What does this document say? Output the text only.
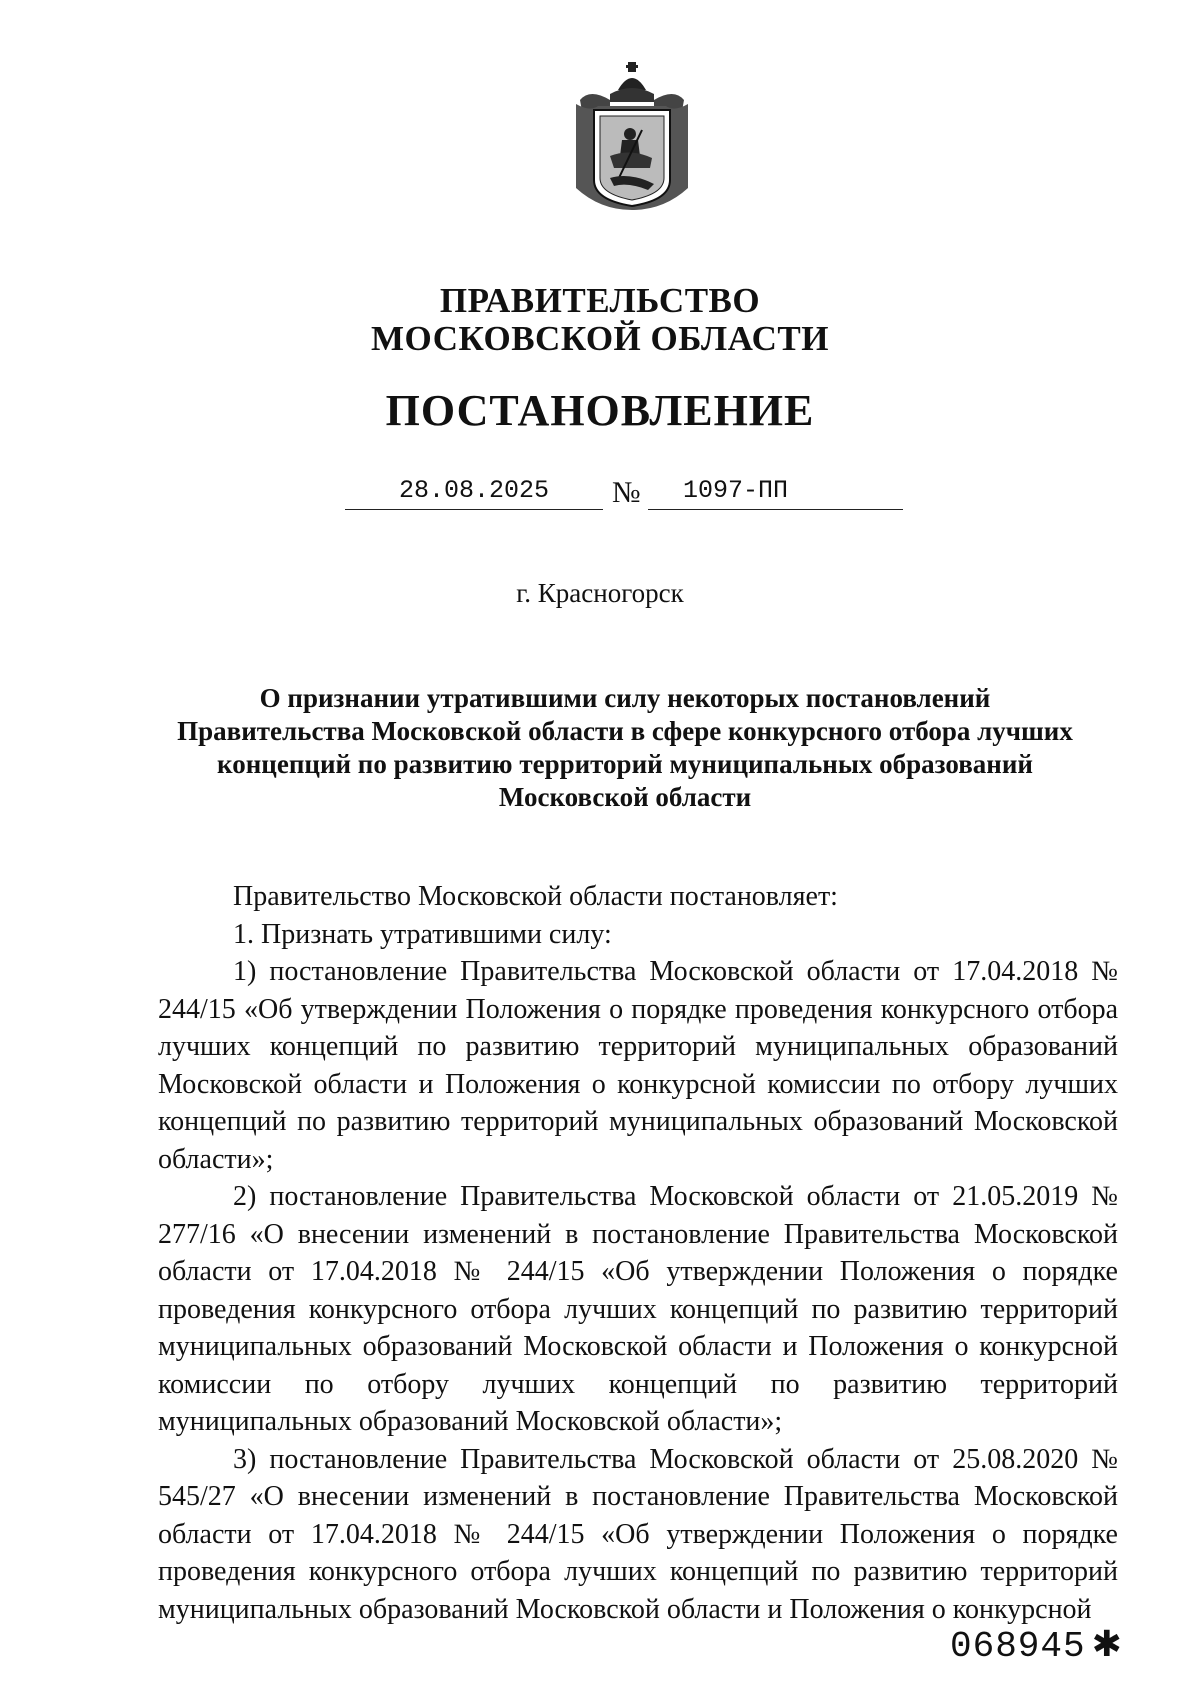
ПРАВИТЕЛЬСТВО
МОСКОВСКОЙ ОБЛАСТИ
ПОСТАНОВЛЕНИЕ
28.08.2025	№	1097-ПП
г. Красногорск
О признании утратившими силу некоторых постановлений
Правительства Московской области в сфере конкурсного отбора лучших
концепций по развитию территорий муниципальных образований
Московской области

Правительство Московской области постановляет:

1. Признать утратившими силу:

1) постановление Правительства Московской области от 17.04.2018 № 244/15 «Об утверждении Положения о порядке проведения конкурсного отбора лучших концепций по развитию территорий муниципальных образований Московской области и Положения о конкурсной комиссии по отбору лучших концепций по развитию территорий муниципальных образований Московской области»;

2) постановление Правительства Московской области от 21.05.2019 № 277/16 «О внесении изменений в постановление Правительства Московской области от 17.04.2018 № 244/15 «Об утверждении Положения о порядке проведения конкурсного отбора лучших концепций по развитию территорий муниципальных образований Московской области и Положения о конкурсной комиссии по отбору лучших концепций по развитию территорий муниципальных образований Московской области»;

3) постановление Правительства Московской области от 25.08.2020 № 545/27 «О внесении изменений в постановление Правительства Московской области от 17.04.2018 № 244/15 «Об утверждении Положения о порядке проведения конкурсного отбора лучших концепций по развитию территорий муниципальных образований Московской области и Положения о конкурсной

068945 ✱
